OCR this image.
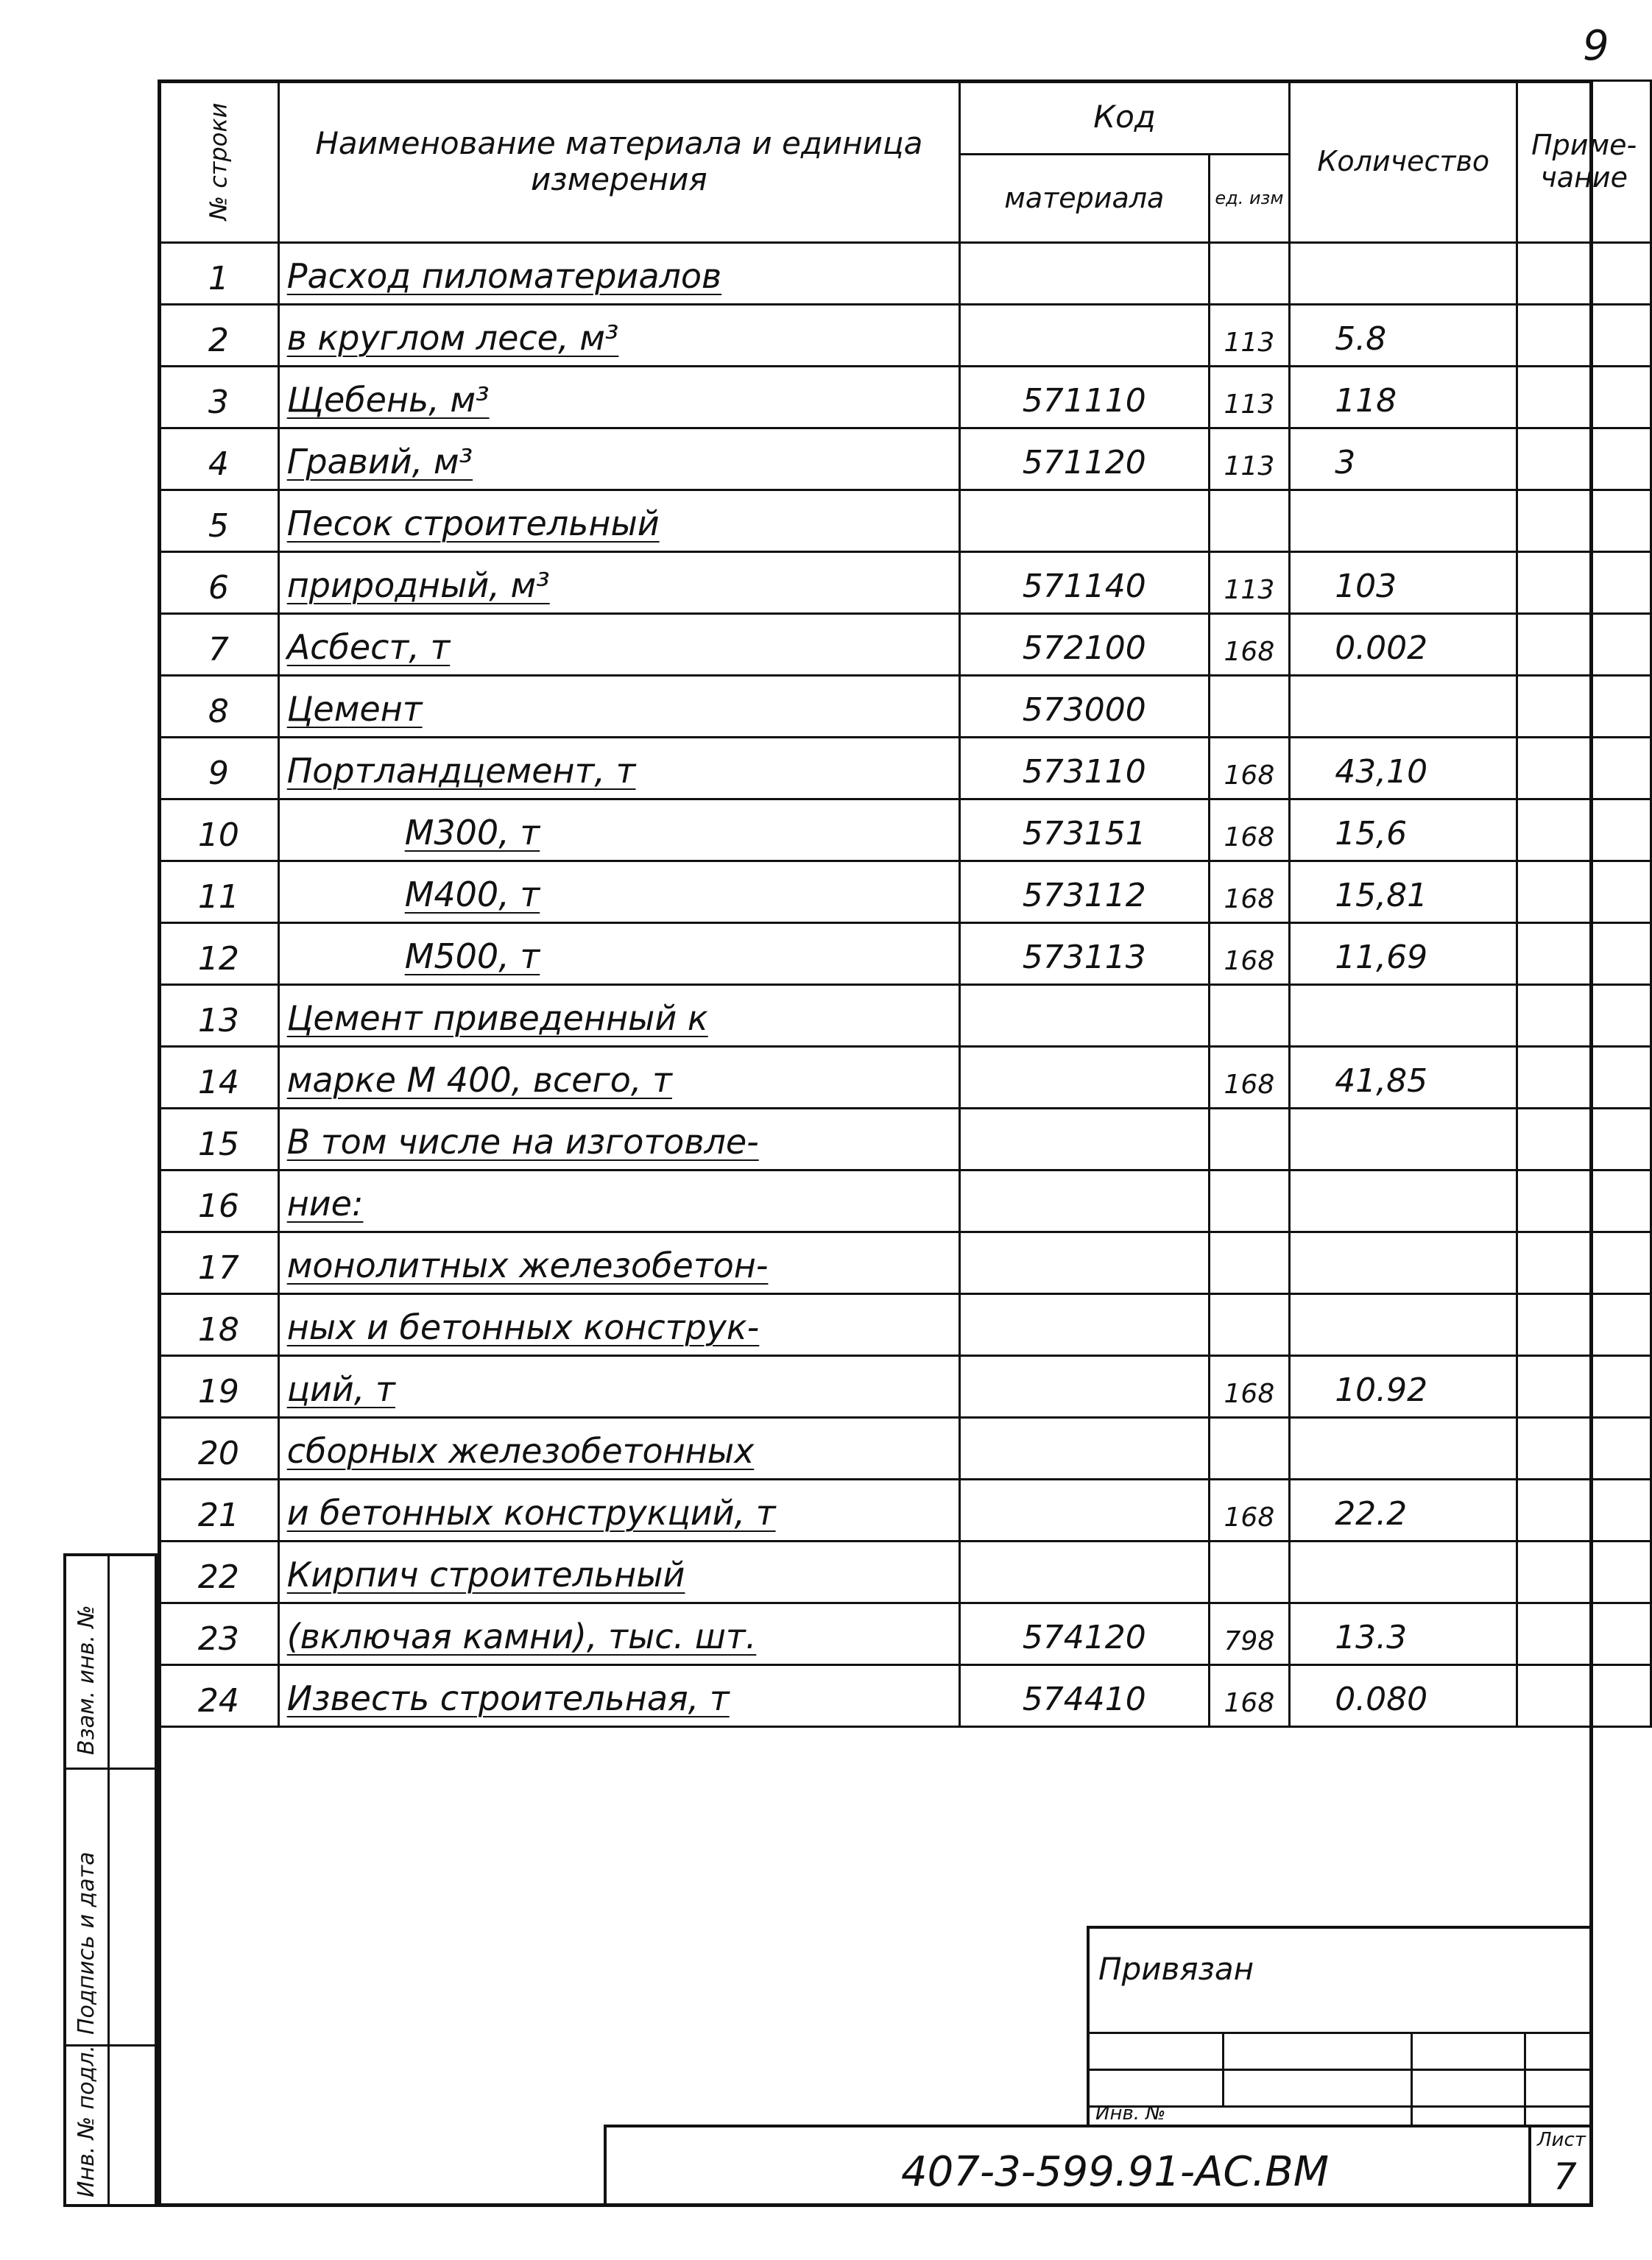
9
№ строки	Наименование материала и единица измерения	Код		Количество	Приме-чание
		материала	ед. изм		
1	Расход пиломатериалов				
2	в круглом лесе, м³		113	5.8	
3	Щебень, м³	571110	113	118	
4	Гравий, м³	571120	113	3	
5	Песок строительный				
6	природный, м³	571140	113	103	
7	Асбест, т	572100	168	0.002	
8	Цемент	573000			
9	Портландцемент, т	573110	168	43,10	
10	М300, т	573151	168	15,6	
11	М400, т	573112	168	15,81	
12	М500, т	573113	168	11,69	
13	Цемент приведенный к				
14	марке М 400, всего, т		168	41,85	
15	В том числе на изготовле-				
16	ние:				
17	монолитных железобетон-				
18	ных и бетонных конструк-				
19	ций, т		168	10.92	
20	сборных железобетонных				
21	и бетонных конструкций, т		168	22.2	
22	Кирпич строительный				
23	(включая камни), тыс. шт.	574120	798	13.3	
24	Известь строительная, т	574410	168	0.080	
Взам. инв. №
Подпись и дата
Инв. № подл.
Привязан
Инв. №
407-3-599.91-АС.ВМ
Лист
7
